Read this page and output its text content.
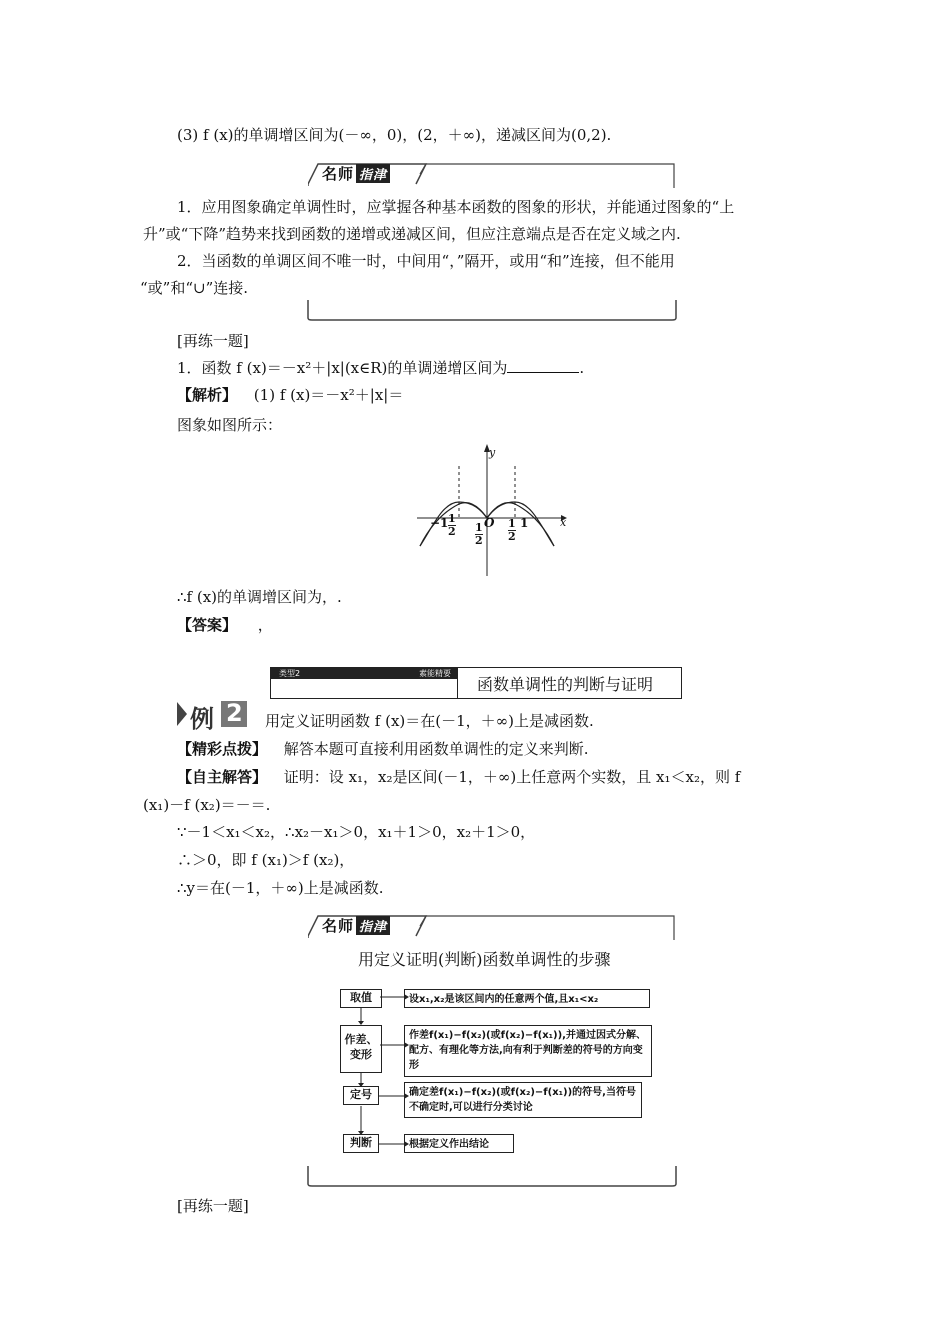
(3) f (x)的单调增区间为(－∞，0)，(2，＋∞)，递减区间为(0,2).
名师 指津
1．应用图象确定单调性时，应掌握各种基本函数的图象的形状，并能通过图象的“上
升”或“下降”趋势来找到函数的递增或递减区间，但应注意端点是否在定义域之内.
2．当函数的单调区间不唯一时，中间用“，”隔开，或用“和”连接，但不能用
“或”和“∪”连接.
[再练一题]
1．函数 f (x)＝－x²＋|x|(x∈R)的单调递增区间为	.
【解析】 (1) f (x)＝－x²＋|x|＝
图象如图所示：
y
x
O
−1	1
1
2 1
2
1
2
∴f (x)的单调增区间为，.
【答案】 ，
类型2	素能精要
函数单调性的判断与证明
例 2 用定义证明函数 f (x)＝在(－1，＋∞)上是减函数.
【精彩点拨】 解答本题可直接利用函数单调性的定义来判断.
【自主解答】 证明：设 x₁，x₂是区间(－1，＋∞)上任意两个实数，且 x₁＜x₂，则 f
(x₁)－f (x₂)＝－＝.
∵－1＜x₁＜x₂，∴x₂－x₁＞0，x₁＋1＞0，x₂＋1＞0，
∴＞0，即 f (x₁)＞f (x₂)，
∴y＝在(－1，＋∞)上是减函数.
名师 指津
用定义证明(判断)函数单调性的步骤
取值	设x₁,x₂是该区间内的任意两个值,且x₁<x₂
作差、变形
作差f(x₁)−f(x₂)(或f(x₂)−f(x₁)),并通过因式分解、配方、有理化等方法,向有利于判断差的符号的方向变形
定号	确定差f(x₁)−f(x₂)(或f(x₂)−f(x₁))的符号,当符号不确定时,可以进行分类讨论
判断	根据定义作出结论
[再练一题]
